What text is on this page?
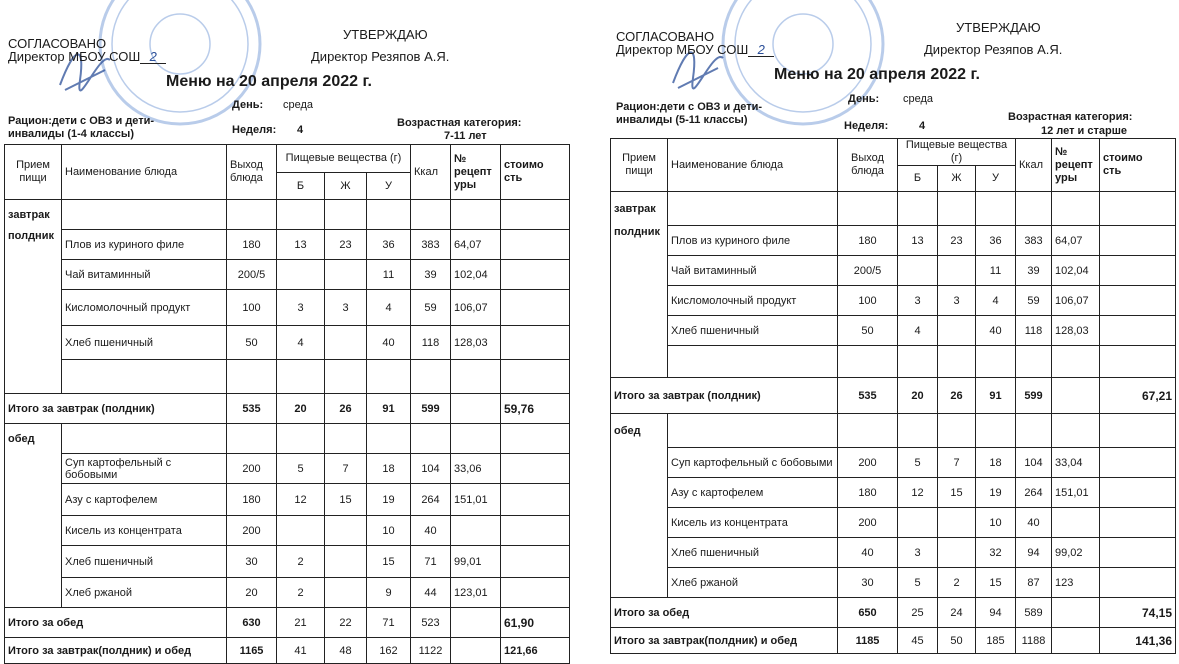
СОГЛАСОВАНО
Директор МБОУ СОШ 2
УТВЕРЖДАЮ
Директор Резяпов А.Я.
Меню на 20 апреля 2022 г.
День: среда
Рацион:дети с ОВЗ и дети-
инвалиды (1-4 классы)	Неделя: 4
Возрастная категория:
7-11 лет
Прием
пищи	Наименование блюда	Выход
блюда	Пищевые вещества (г)			Ккал	№
рецепт
уры	стоимо
сть
			Б	Ж	У			
завтрак								
полдник	Плов из куриного филе	180	13	23	36	383	64,07	
	Чай витаминный	200/5			11	39	102,04	
	Кисломолочный продукт	100	3	3	4	59	106,07	
	Хлеб пшеничный	50	4		40	118	128,03	

Итого за завтрак (полдник)		535	20	26	91	599		59,76
обед								
	Суп картофельный с бобовыми	200	5	7	18	104	33,06	
	Азу с картофелем	180	12	15	19	264	151,01	
	Кисель из концентрата	200			10	40		
	Хлеб пшеничный	30	2		15	71	99,01	
	Хлеб ржаной	20	2		9	44	123,01	
Итого за обед		630	21	22	71	523		61,90
Итого за завтрак(полдник) и обед		1165	41	48	162	1122		121,66
СОГЛАСОВАНО
Директор МБОУ СОШ 2
УТВЕРЖДАЮ
Директор Резяпов А.Я.
Меню на 20 апреля 2022 г.
День: среда
Рацион:дети с ОВЗ и дети-
инвалиды (5-11 классы)	Неделя:	4
Возрастная категория:
12 лет и старше
Прием
пищи	Наименование блюда	Выход
блюда	Пищевые вещества
(г)			Ккал	№
рецепт
уры	стоимо
сть
			Б	Ж	У			
завтрак								
полдник	Плов из куриного филе	180	13	23	36	383	64,07	
	Чай витаминный	200/5			11	39	102,04	
	Кисломолочный продукт	100	3	3	4	59	106,07	
	Хлеб пшеничный	50	4		40	118	128,03	

Итого за завтрак (полдник)		535	20	26	91	599		67,21
обед								
	Суп картофельный с бобовыми	200	5	7	18	104	33,04	
	Азу с картофелем	180	12	15	19	264	151,01	
	Кисель из концентрата	200			10	40		
	Хлеб пшеничный	40	3		32	94	99,02	
	Хлеб ржаной	30	5	2	15	87	123	
Итого за обед		650	25	24	94	589		74,15
Итого за завтрак(полдник) и обед		1185	45	50	185	1188		141,36
